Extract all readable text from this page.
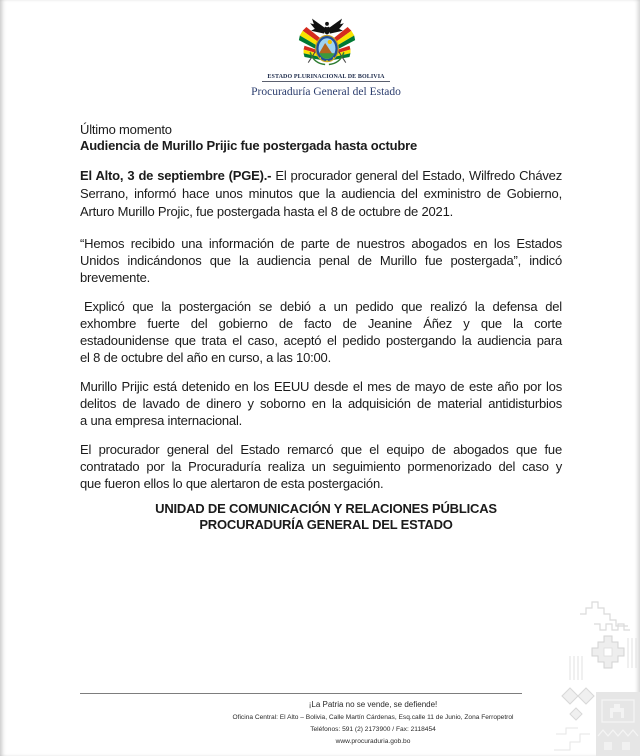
ESTADO PLURINACIONAL DE BOLIVIA
Procuraduría General del Estado
Último momento
Audiencia de Murillo Prijic fue postergada hasta octubre
El Alto, 3 de septiembre (PGE).- El procurador general del Estado, Wilfredo Chávez
Serrano, informó hace unos minutos que la audiencia del exministro de Gobierno,
Arturo Murillo Projic, fue postergada hasta el 8 de octubre de 2021.
“Hemos recibido una información de parte de nuestros abogados en los Estados
Unidos indicándonos que la audiencia penal de Murillo fue postergada”, indicó
brevemente.
Explicó que la postergación se debió a un pedido que realizó la defensa del
exhombre fuerte del gobierno de facto de Jeanine Áñez y que la corte
estadounidense que trata el caso, aceptó el pedido postergando la audiencia para
el 8 de octubre del año en curso, a las 10:00.
Murillo Prijic está detenido en los EEUU desde el mes de mayo de este año por los
delitos de lavado de dinero y soborno en la adquisición de material antidisturbios
a una empresa internacional.
El procurador general del Estado remarcó que el equipo de abogados que fue
contratado por la Procuraduría realiza un seguimiento pormenorizado del caso y
que fueron ellos lo que alertaron de esta postergación.
UNIDAD DE COMUNICACIÓN Y RELACIONES PÚBLICAS
PROCURADURÍA GENERAL DEL ESTADO
¡La Patria no se vende, se defiende!
Oficina Central: El Alto – Bolivia, Calle Martín Cárdenas, Esq.calle 11 de Junio, Zona Ferropetrol
Teléfonos: 591 (2) 2173900 / Fax: 2118454
www.procuraduria.gob.bo
